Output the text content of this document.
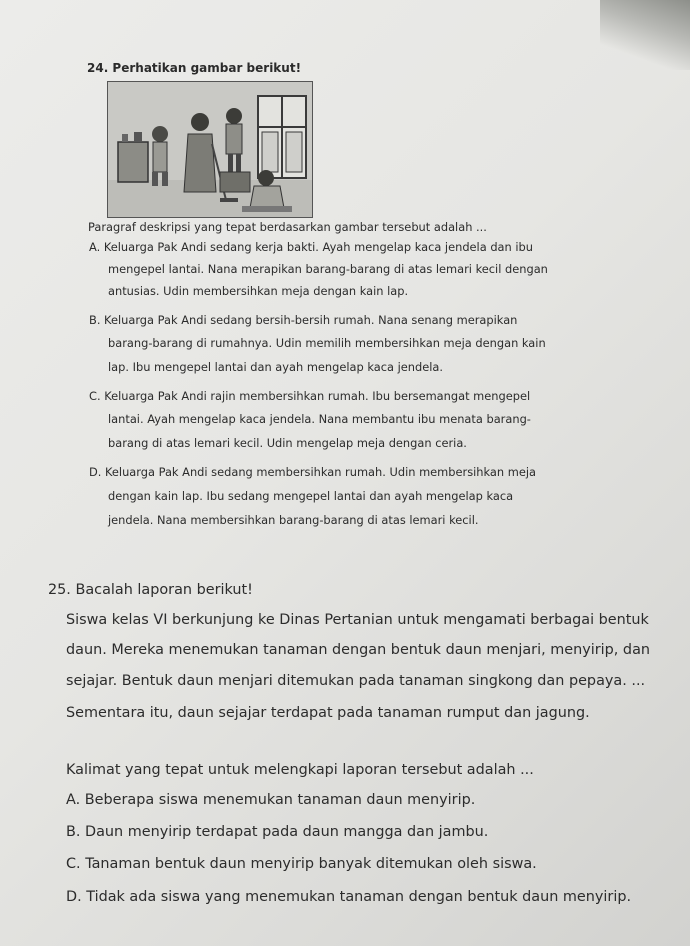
24. Perhatikan gambar berikut!
Paragraf deskripsi yang tepat berdasarkan gambar tersebut adalah ...
A. Keluarga Pak Andi sedang kerja bakti. Ayah mengelap kaca jendela dan ibu
mengepel lantai. Nana merapikan barang-barang di atas lemari kecil dengan
antusias. Udin membersihkan meja dengan kain lap.
B. Keluarga Pak Andi sedang bersih-bersih rumah. Nana senang merapikan
barang-barang di rumahnya. Udin memilih membersihkan meja dengan kain
lap. Ibu mengepel lantai dan ayah mengelap kaca jendela.
C. Keluarga Pak Andi rajin membersihkan rumah. Ibu bersemangat mengepel
lantai. Ayah mengelap kaca jendela. Nana membantu ibu menata barang-
barang di atas lemari kecil. Udin mengelap meja dengan ceria.
D. Keluarga Pak Andi sedang membersihkan rumah. Udin membersihkan meja
dengan kain lap. Ibu sedang mengepel lantai dan ayah mengelap kaca
jendela. Nana membersihkan barang-barang di atas lemari kecil.
25. Bacalah laporan berikut!
Siswa kelas VI berkunjung ke Dinas Pertanian untuk mengamati berbagai bentuk
daun. Mereka menemukan tanaman dengan bentuk daun menjari, menyirip, dan
sejajar. Bentuk daun menjari ditemukan pada tanaman singkong dan pepaya. ...
Sementara itu, daun sejajar terdapat pada tanaman rumput dan jagung.
Kalimat yang tepat untuk melengkapi laporan tersebut adalah ...
A. Beberapa siswa menemukan tanaman daun menyirip.
B. Daun menyirip terdapat pada daun mangga dan jambu.
C. Tanaman bentuk daun menyirip banyak ditemukan oleh siswa.
D. Tidak ada siswa yang menemukan tanaman dengan bentuk daun menyirip.
